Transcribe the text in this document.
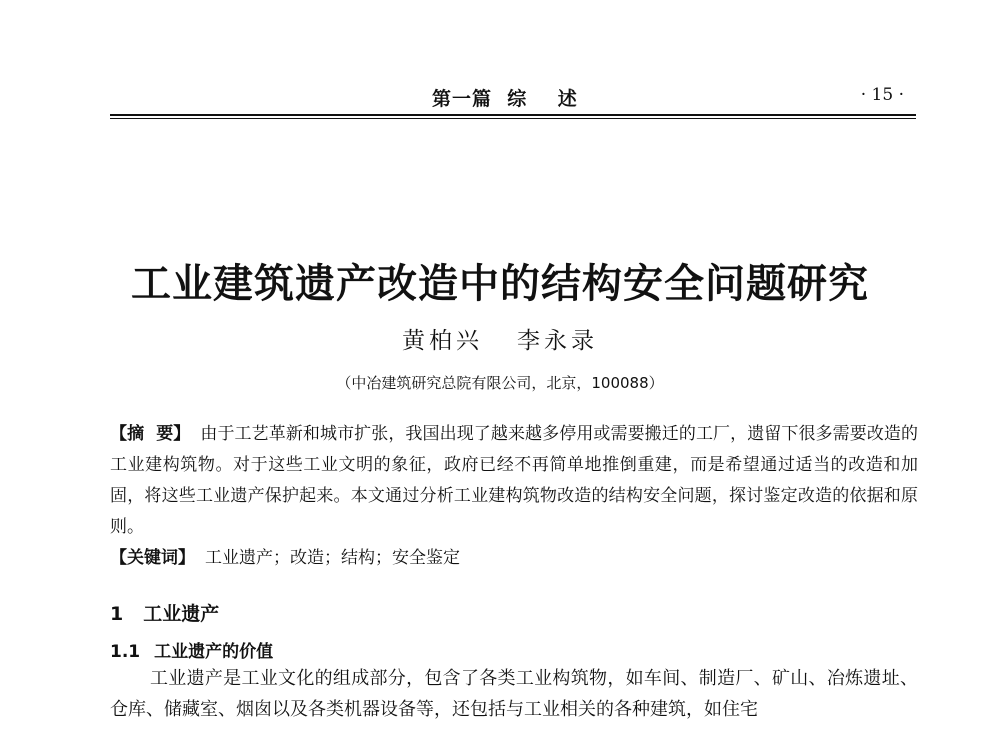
第一篇  综    述	· 15 ·
工业建筑遗产改造中的结构安全问题研究
黄柏兴   李永录
（中冶建筑研究总院有限公司，北京，100088）
【摘  要】 由于工艺革新和城市扩张，我国出现了越来越多停用或需要搬迁的工厂，遗留下很多需要改造的工业建构筑物。对于这些工业文明的象征，政府已经不再简单地推倒重建，而是希望通过适当的改造和加固，将这些工业遗产保护起来。本文通过分析工业建构筑物改造的结构安全问题，探讨鉴定改造的依据和原则。
【关键词】 工业遗产；改造；结构；安全鉴定
1 工业遗产
1.1 工业遗产的价值
工业遗产是工业文化的组成部分，包含了各类工业构筑物，如车间、制造厂、矿山、冶炼遗址、仓库、储藏室、烟囱以及各类机器设备等，还包括与工业相关的各种建筑，如住宅
